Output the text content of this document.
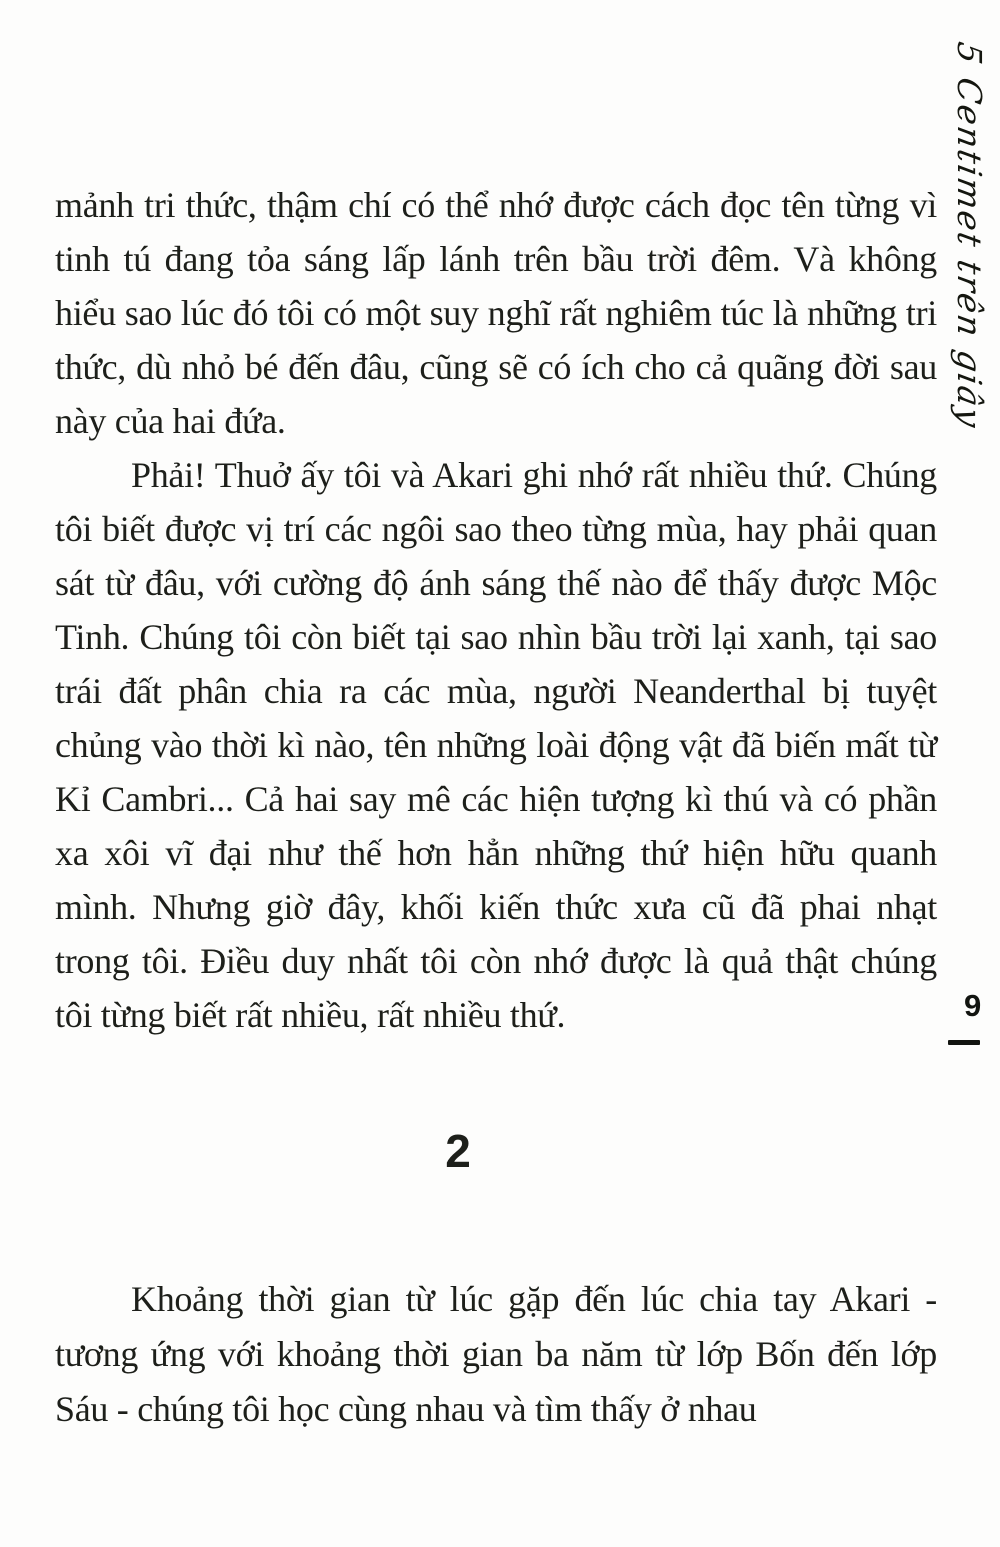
5 Centimet trên giây

mảnh tri thức, thậm chí có thể nhớ được cách đọc tên từng vì tinh tú đang tỏa sáng lấp lánh trên bầu trời đêm. Và không hiểu sao lúc đó tôi có một suy nghĩ rất nghiêm túc là những tri thức, dù nhỏ bé đến đâu, cũng sẽ có ích cho cả quãng đời sau này của hai đứa.

Phải! Thuở ấy tôi và Akari ghi nhớ rất nhiều thứ. Chúng tôi biết được vị trí các ngôi sao theo từng mùa, hay phải quan sát từ đâu, với cường độ ánh sáng thế nào để thấy được Mộc Tinh. Chúng tôi còn biết tại sao nhìn bầu trời lại xanh, tại sao trái đất phân chia ra các mùa, người Neanderthal bị tuyệt chủng vào thời kì nào, tên những loài động vật đã biến mất từ Kỉ Cambri... Cả hai say mê các hiện tượng kì thú và có phần xa xôi vĩ đại như thế hơn hẳn những thứ hiện hữu quanh mình. Nhưng giờ đây, khối kiến thức xưa cũ đã phai nhạt trong tôi. Điều duy nhất tôi còn nhớ được là quả thật chúng tôi từng biết rất nhiều, rất nhiều thứ.	9
2

Khoảng thời gian từ lúc gặp đến lúc chia tay Akari - tương ứng với khoảng thời gian ba năm từ lớp Bốn đến lớp Sáu - chúng tôi học cùng nhau và tìm thấy ở nhau
